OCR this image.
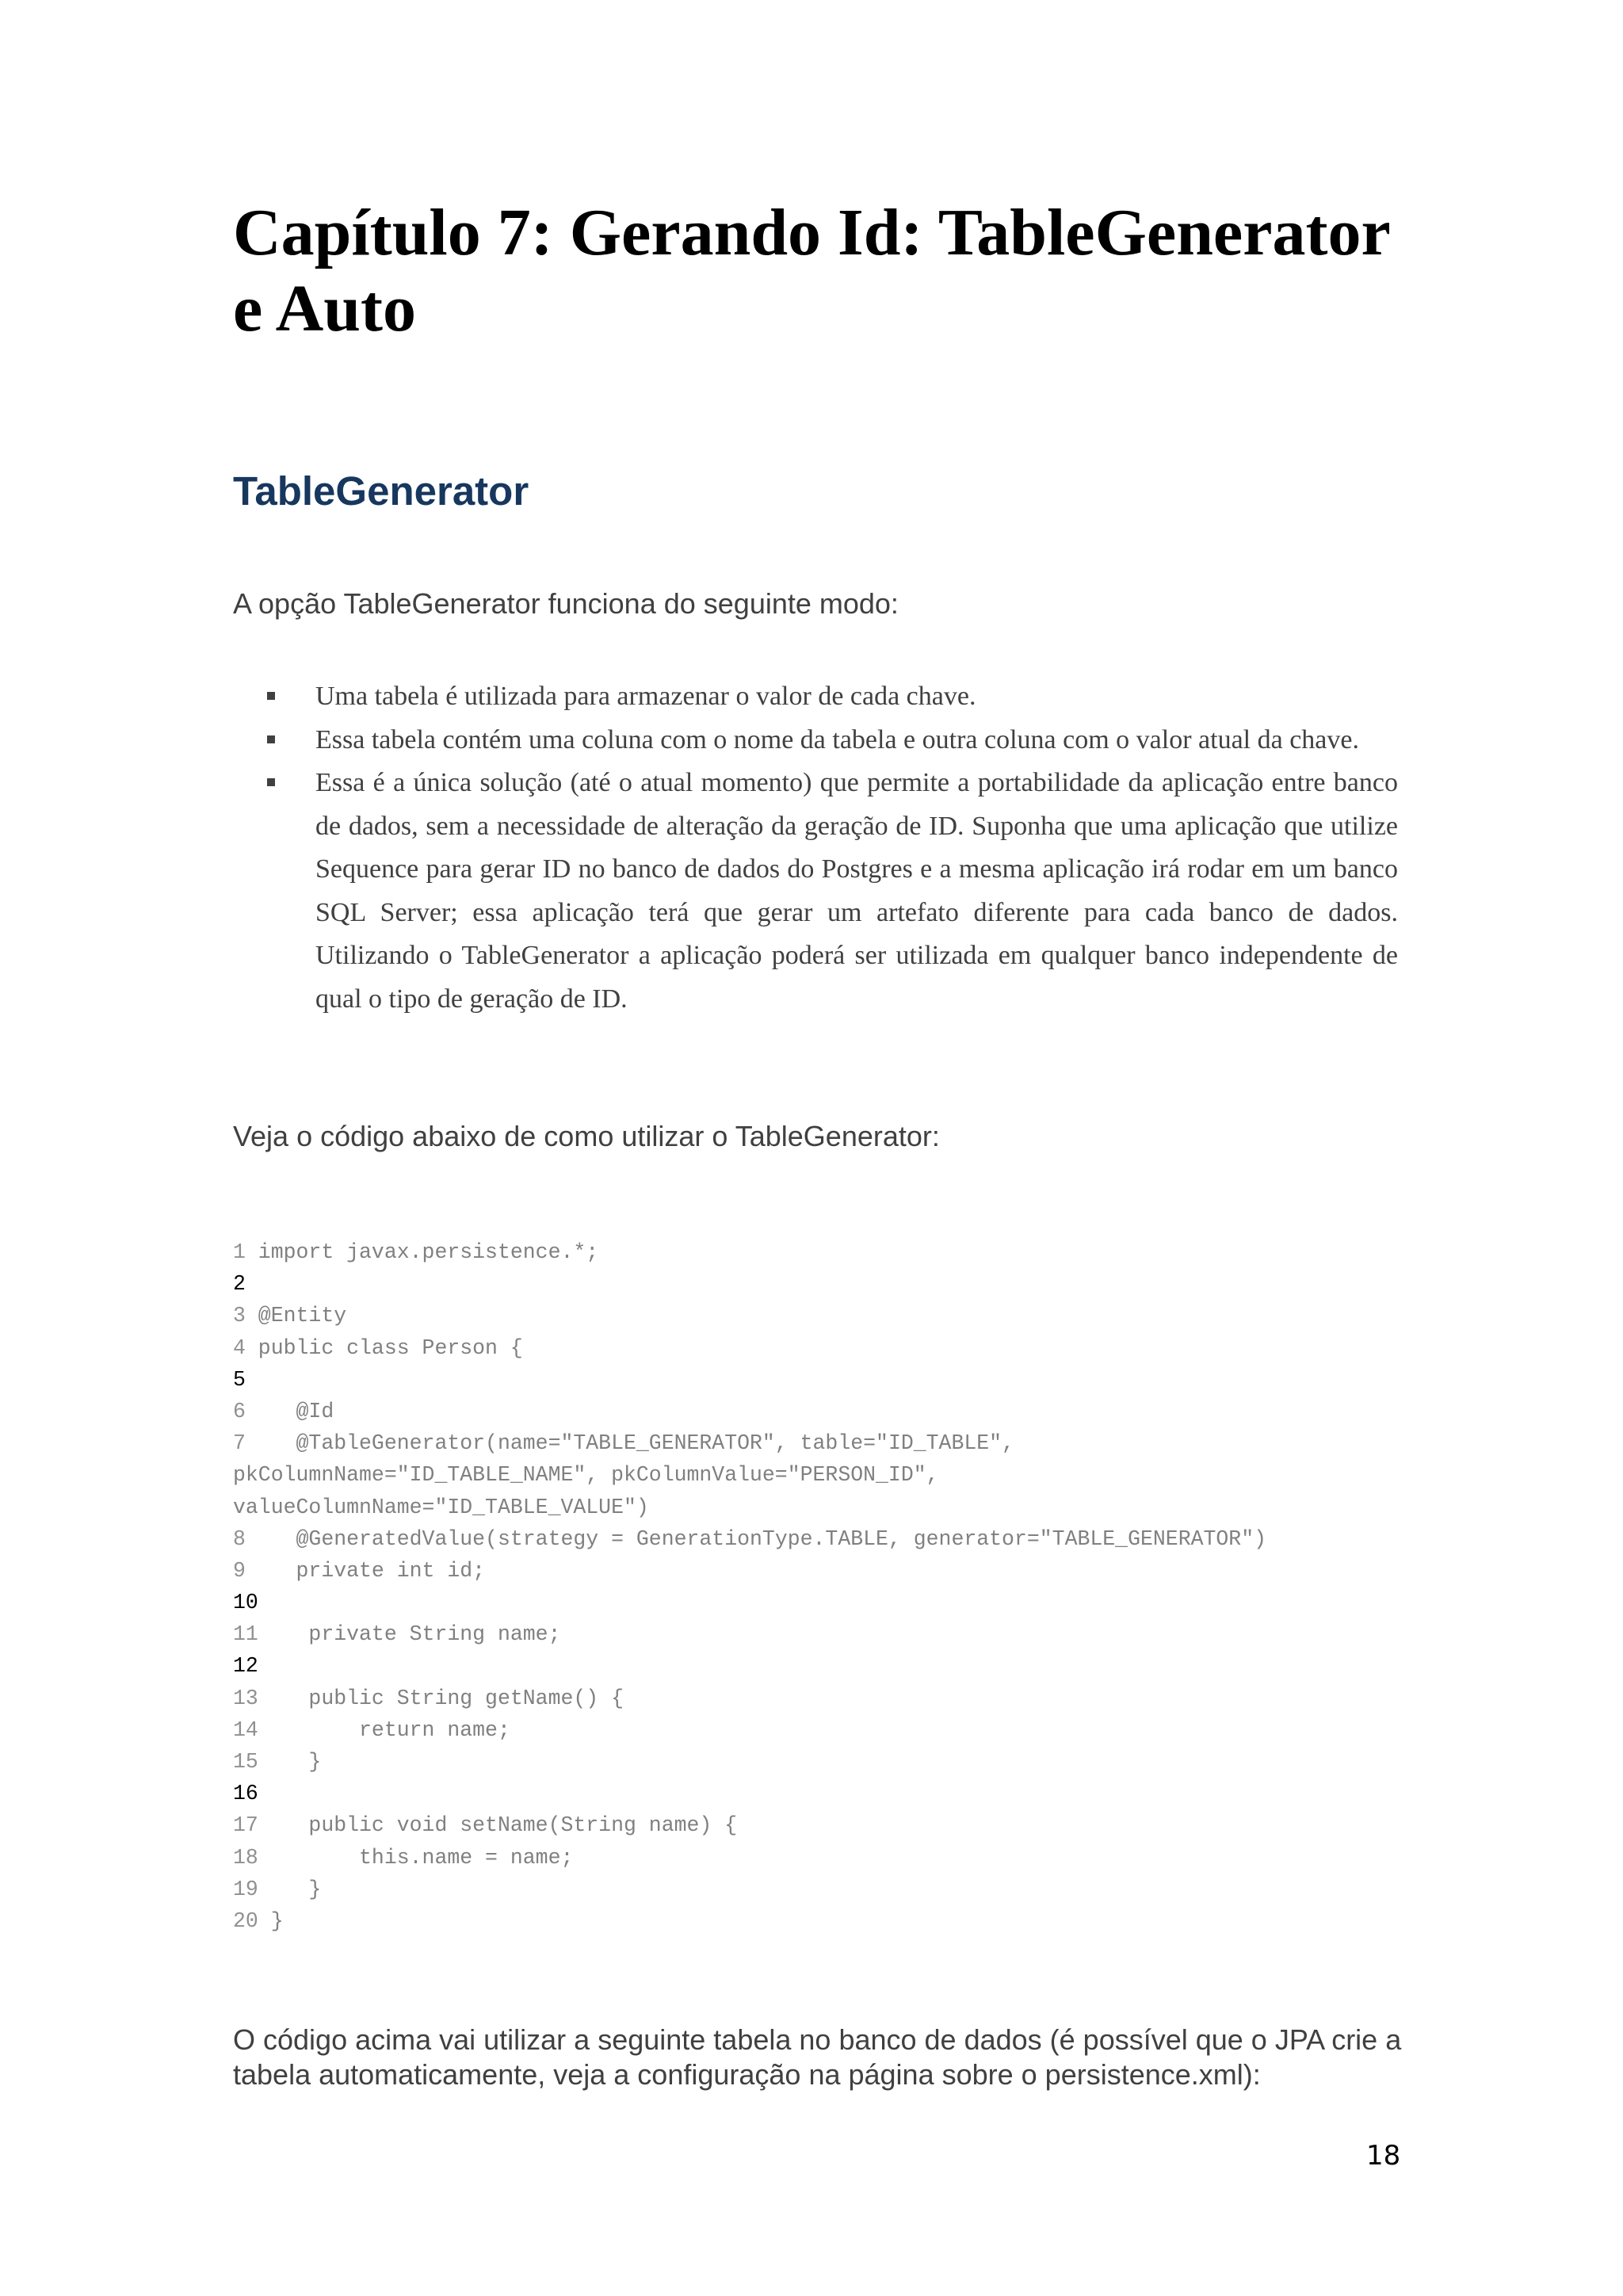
Capítulo 7: Gerando Id: TableGenerator e Auto
TableGenerator

A opção TableGenerator funciona do seguinte modo:

Uma tabela é utilizada para armazenar o valor de cada chave.
Essa tabela contém uma coluna com o nome da tabela e outra coluna com o valor atual da chave.
Essa é a única solução (até o atual momento) que permite a portabilidade da aplicação entre banco de dados, sem a necessidade de alteração da geração de ID. Suponha que uma aplicação que utilize Sequence para gerar ID no banco de dados do Postgres e a mesma aplicação irá rodar em um banco SQL Server; essa aplicação terá que gerar um artefato diferente para cada banco de dados. Utilizando o TableGenerator a aplicação poderá ser utilizada em qualquer banco independente de qual o tipo de geração de ID.

Veja o código abaixo de como utilizar o TableGenerator:

1 import javax.persistence.*;
2
3 @Entity
4 public class Person {
5
6    @Id
7    @TableGenerator(name="TABLE_GENERATOR", table="ID_TABLE",
pkColumnName="ID_TABLE_NAME", pkColumnValue="PERSON_ID",
valueColumnName="ID_TABLE_VALUE")
8    @GeneratedValue(strategy = GenerationType.TABLE, generator="TABLE_GENERATOR")
9    private int id;
10
11    private String name;
12
13    public String getName() {
14        return name;
15    }
16
17    public void setName(String name) {
18        this.name = name;
19    }
20 }

O código acima vai utilizar a seguinte tabela no banco de dados (é possível que o JPA crie a tabela automaticamente, veja a configuração na página sobre o persistence.xml):

18
